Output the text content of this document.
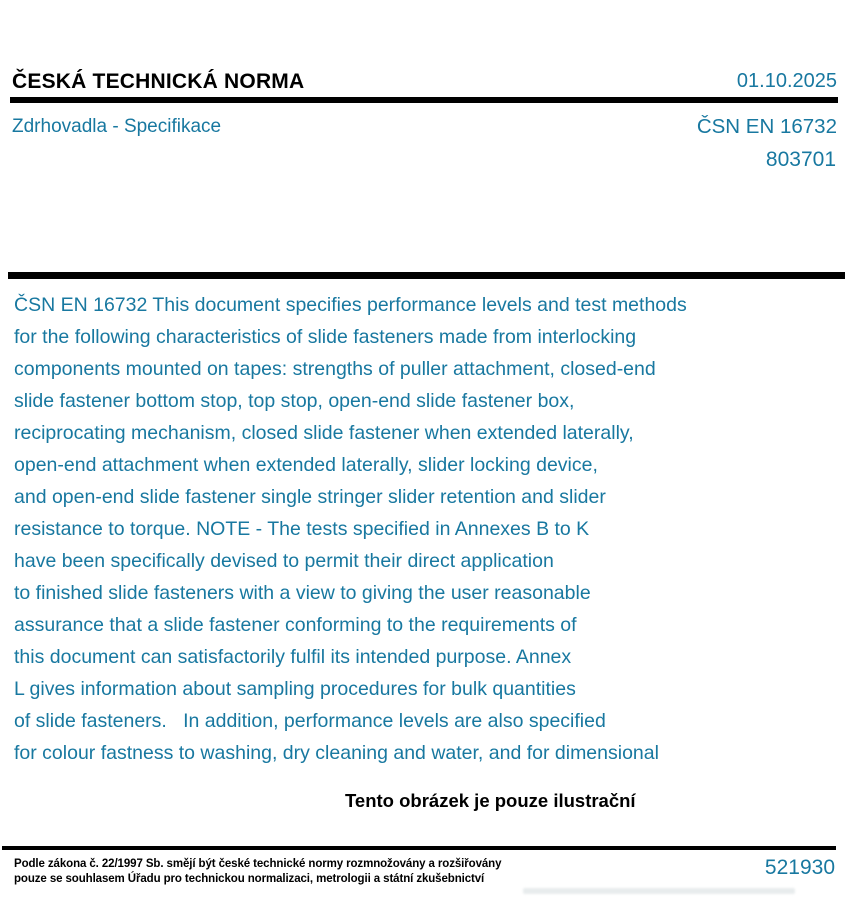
ČESKÁ TECHNICKÁ NORMA	01.10.2025
Zdrhovadla - Specifikace	ČSN EN 16732
803701
ČSN EN 16732 This document specifies performance levels and test methods
for the following characteristics of slide fasteners made from interlocking
components mounted on tapes: strengths of puller attachment, closed-end
slide fastener bottom stop, top stop, open-end slide fastener box,
reciprocating mechanism, closed slide fastener when extended laterally,
open-end attachment when extended laterally, slider locking device,
and open-end slide fastener single stringer slider retention and slider
resistance to torque. NOTE - The tests specified in Annexes B to K
have been specifically devised to permit their direct application
to finished slide fasteners with a view to giving the user reasonable
assurance that a slide fastener conforming to the requirements of
this document can satisfactorily fulfil its intended purpose. Annex
L gives information about sampling procedures for bulk quantities
of slide fasteners.   In addition, performance levels are also specified
for colour fastness to washing, dry cleaning and water, and for dimensional
Tento obrázek je pouze ilustrační
Podle zákona č. 22/1997 Sb. smějí být české technické normy rozmnožovány a rozšiřovány
pouze se souhlasem Úřadu pro technickou normalizaci, metrologii a státní zkušebnictví	521930
